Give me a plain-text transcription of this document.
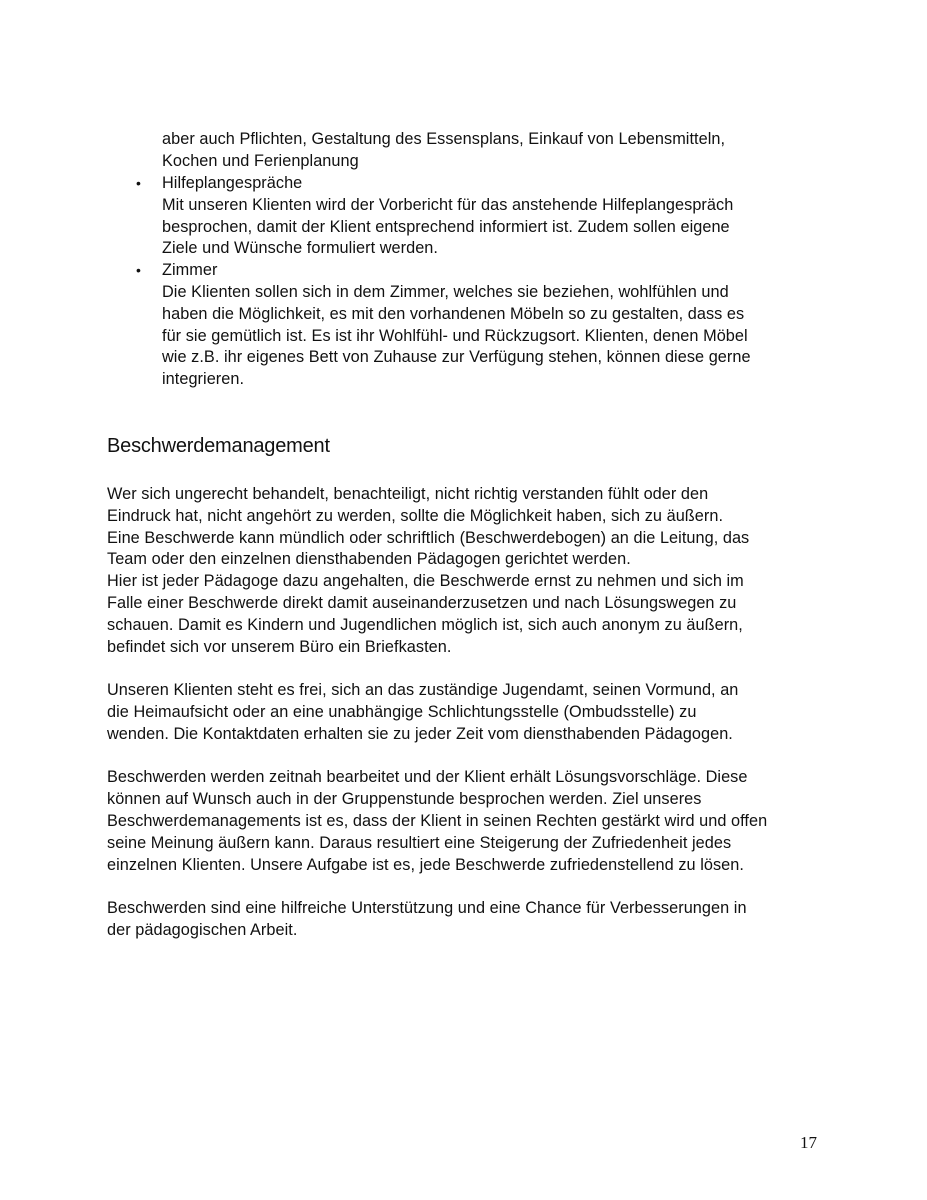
aber auch Pflichten, Gestaltung des Essensplans, Einkauf von Lebensmitteln,
Kochen und Ferienplanung
• Hilfeplangespräche
Mit unseren Klienten wird der Vorbericht für das anstehende Hilfeplangespräch
besprochen, damit der Klient entsprechend informiert ist. Zudem sollen eigene
Ziele und Wünsche formuliert werden.
• Zimmer
Die Klienten sollen sich in dem Zimmer, welches sie beziehen, wohlfühlen und
haben die Möglichkeit, es mit den vorhandenen Möbeln so zu gestalten, dass es
für sie gemütlich ist. Es ist ihr Wohlfühl- und Rückzugsort. Klienten, denen Möbel
wie z.B. ihr eigenes Bett von Zuhause zur Verfügung stehen, können diese gerne
integrieren.
Beschwerdemanagement

Wer sich ungerecht behandelt, benachteiligt, nicht richtig verstanden fühlt oder den
Eindruck hat, nicht angehört zu werden, sollte die Möglichkeit haben, sich zu äußern.
Eine Beschwerde kann mündlich oder schriftlich (Beschwerdebogen) an die Leitung, das
Team oder den einzelnen diensthabenden Pädagogen gerichtet werden.
Hier ist jeder Pädagoge dazu angehalten, die Beschwerde ernst zu nehmen und sich im
Falle einer Beschwerde direkt damit auseinanderzusetzen und nach Lösungswegen zu
schauen. Damit es Kindern und Jugendlichen möglich ist, sich auch anonym zu äußern,
befindet sich vor unserem Büro ein Briefkasten.

Unseren Klienten steht es frei, sich an das zuständige Jugendamt, seinen Vormund, an
die Heimaufsicht oder an eine unabhängige Schlichtungsstelle (Ombudsstelle) zu
wenden. Die Kontaktdaten erhalten sie zu jeder Zeit vom diensthabenden Pädagogen.

Beschwerden werden zeitnah bearbeitet und der Klient erhält Lösungsvorschläge. Diese
können auf Wunsch auch in der Gruppenstunde besprochen werden. Ziel unseres
Beschwerdemanagements ist es, dass der Klient in seinen Rechten gestärkt wird und offen
seine Meinung äußern kann. Daraus resultiert eine Steigerung der Zufriedenheit jedes
einzelnen Klienten. Unsere Aufgabe ist es, jede Beschwerde zufriedenstellend zu lösen.

Beschwerden sind eine hilfreiche Unterstützung und eine Chance für Verbesserungen in
der pädagogischen Arbeit.

17
